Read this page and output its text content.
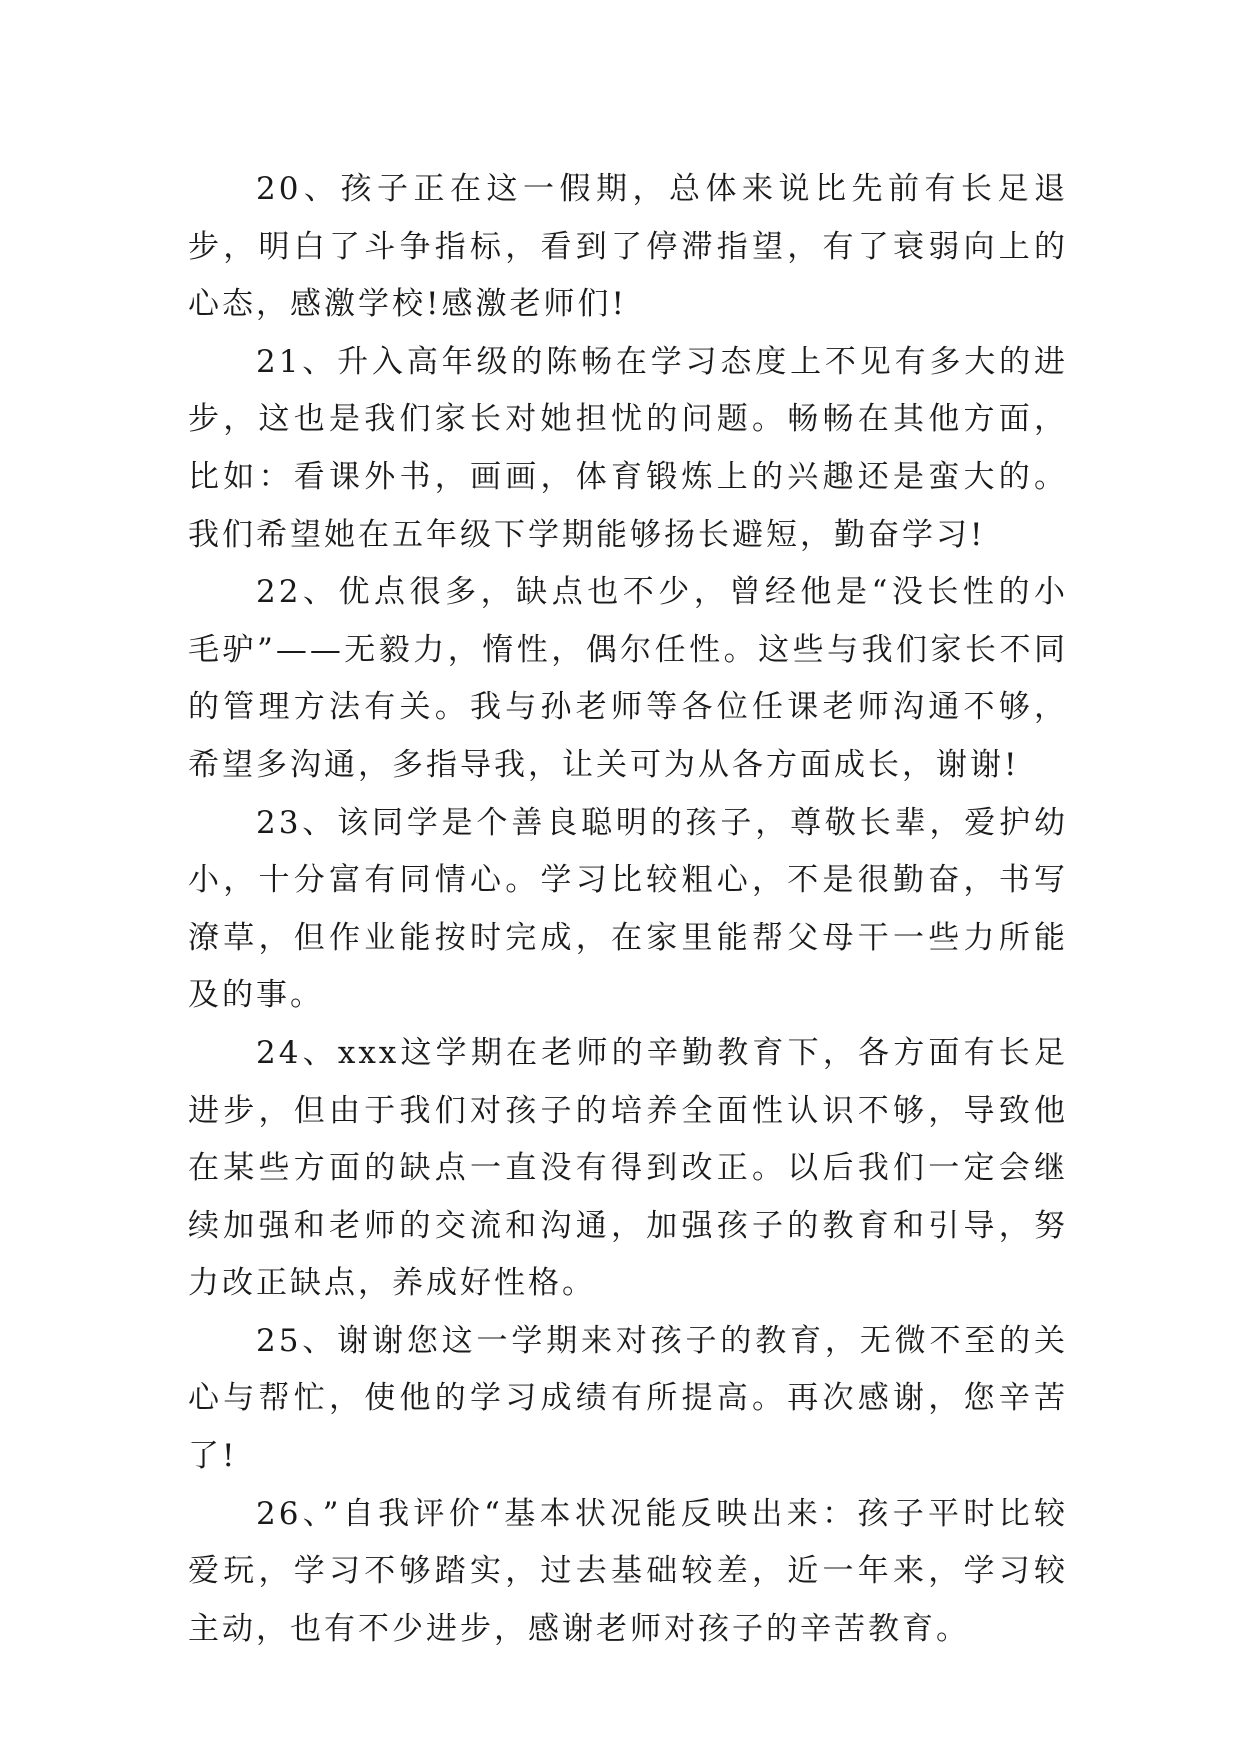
20、孩子正在这一假期，总体来说比先前有长足退步，明白了斗争指标，看到了停滞指望，有了衰弱向上的心态，感激学校!感激老师们!

21、升入高年级的陈畅在学习态度上不见有多大的进步，这也是我们家长对她担忧的问题。畅畅在其他方面，比如：看课外书，画画，体育锻炼上的兴趣还是蛮大的。我们希望她在五年级下学期能够扬长避短，勤奋学习!

22、优点很多，缺点也不少，曾经他是“没长性的小毛驴”——无毅力，惰性，偶尔任性。这些与我们家长不同的管理方法有关。我与孙老师等各位任课老师沟通不够，希望多沟通，多指导我，让关可为从各方面成长，谢谢!

23、该同学是个善良聪明的孩子，尊敬长辈，爱护幼小，十分富有同情心。学习比较粗心，不是很勤奋，书写潦草，但作业能按时完成，在家里能帮父母干一些力所能及的事。

24、xxx这学期在老师的辛勤教育下，各方面有长足进步，但由于我们对孩子的培养全面性认识不够，导致他在某些方面的缺点一直没有得到改正。以后我们一定会继续加强和老师的交流和沟通，加强孩子的教育和引导，努力改正缺点，养成好性格。

25、谢谢您这一学期来对孩子的教育，无微不至的关心与帮忙，使他的学习成绩有所提高。再次感谢，您辛苦了!

26、”自我评价“基本状况能反映出来：孩子平时比较爱玩，学习不够踏实，过去基础较差，近一年来，学习较主动，也有不少进步，感谢老师对孩子的辛苦教育。
